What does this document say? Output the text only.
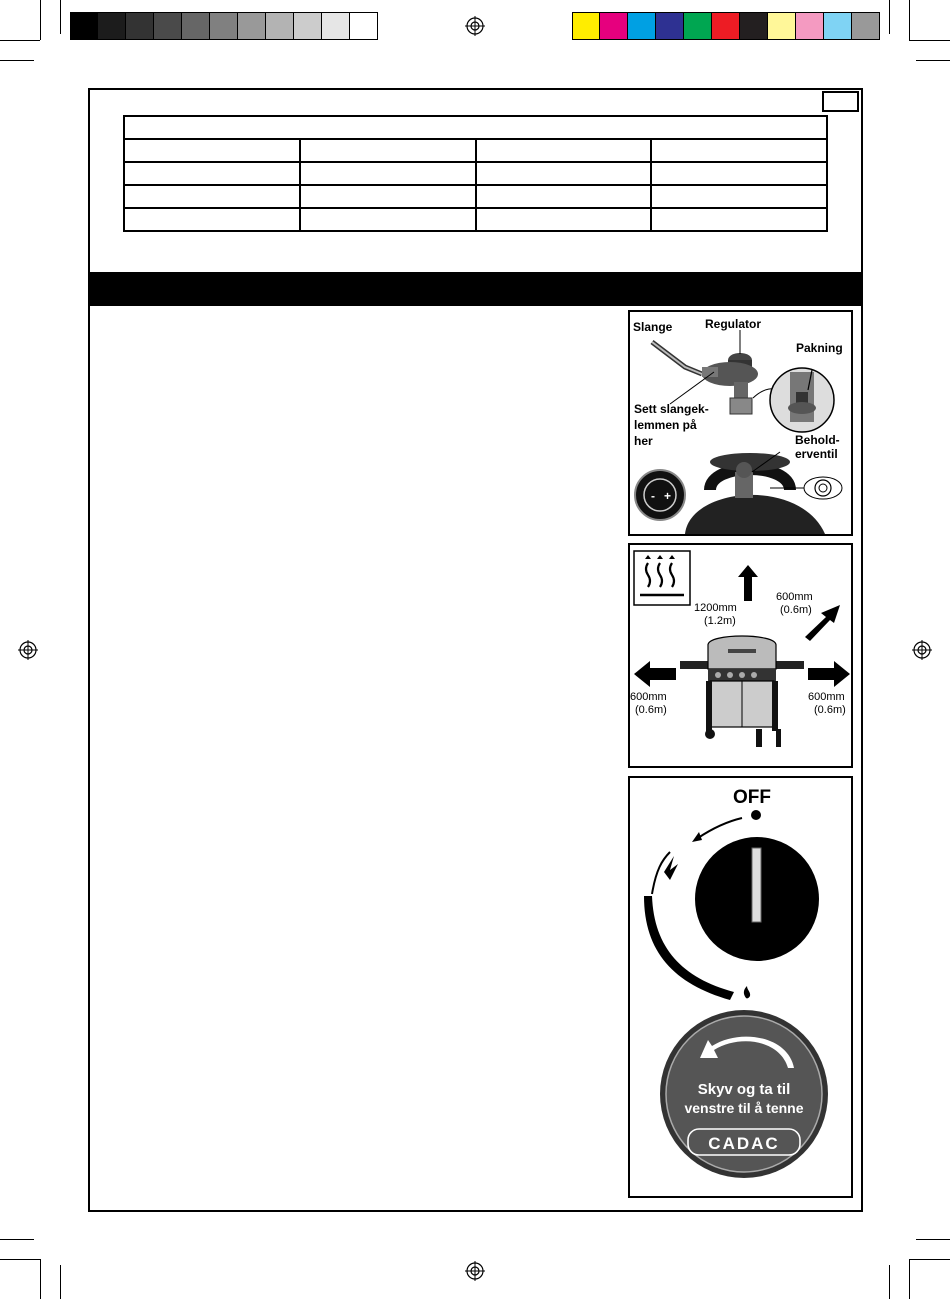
Slange	Regulator
Pakning
Sett slangek-
lemmen på
her	Behold-
erventil
- +
1200mm
(1.2m)
600mm
(0.6m)
600mm
(0.6m)
600mm
(0.6m)
OFF
Skyv og ta til
venstre til å tenne
CADAC
